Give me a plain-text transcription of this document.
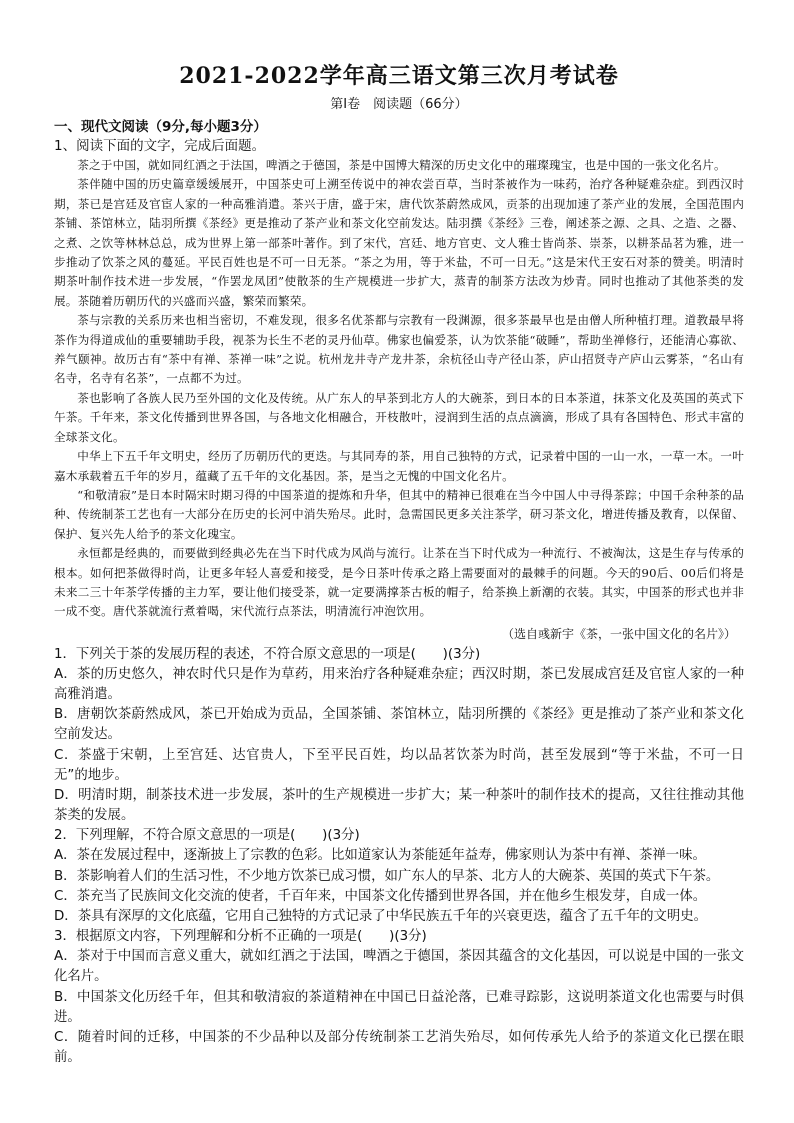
2021-2022学年高三语文第三次月考试卷
第Ⅰ卷　阅读题（66分）
一、现代文阅读（9分,每小题3分）
1、阅读下面的文字，完成后面题。

茶之于中国，就如同红酒之于法国，啤酒之于德国，茶是中国博大精深的历史文化中的璀璨瑰宝，也是中国的一张文化名片。

茶伴随中国的历史篇章缓缓展开，中国茶史可上溯至传说中的神农尝百草，当时茶被作为一味药，治疗各种疑难杂症。到西汉时期，茶已是宫廷及官宦人家的一种高雅消遣。茶兴于唐，盛于宋，唐代饮茶蔚然成风，贡茶的出现加速了茶产业的发展，全国范围内茶铺、茶馆林立，陆羽所撰《茶经》更是推动了茶产业和茶文化空前发达。陆羽撰《茶经》三卷，阐述茶之源、之具、之造、之器、之煮、之饮等林林总总，成为世界上第一部茶叶著作。到了宋代，宫廷、地方官吏、文人雅士皆尚茶、崇茶，以耕茶品茗为雅，进一步推动了饮茶之风的蔓延。平民百姓也是不可一日无茶。“茶之为用，等于米盐，不可一日无。”这是宋代王安石对茶的赞美。明清时期茶叶制作技术进一步发展，“作罢龙凤团”使散茶的生产规模进一步扩大，蒸青的制茶方法改为炒青。同时也推动了其他茶类的发展。茶随着历朝历代的兴盛而兴盛，繁荣而繁荣。

茶与宗教的关系历来也相当密切，不难发现，很多名优茶都与宗教有一段渊源，很多茶最早也是由僧人所种植打理。道教最早将茶作为得道成仙的重要辅助手段，视茶为长生不老的灵丹仙草。佛家也偏爱茶，认为饮茶能“破睡”，帮助坐禅修行，还能清心寡欲、养气颐神。故历古有“茶中有禅、茶禅一味”之说。杭州龙井寺产龙井茶，余杭径山寺产径山茶，庐山招贤寺产庐山云雾茶，“名山有名寺，名寺有名茶”，一点都不为过。

茶也影响了各族人民乃至外国的文化及传统。从广东人的早茶到北方人的大碗茶，到日本的日本茶道，抹茶文化及英国的英式下午茶。千年来，茶文化传播到世界各国，与各地文化相融合，开枝散叶，浸润到生活的点点滴滴，形成了具有各国特色、形式丰富的全球茶文化。

中华上下五千年文明史，经历了历朝历代的更迭。与其同寿的茶，用自己独特的方式，记录着中国的一山一水，一草一木。一叶嘉木承载着五千年的岁月，蕴藏了五千年的文化基因。茶，是当之无愧的中国文化名片。

“和敬清寂”是日本时隔宋时期习得的中国茶道的提炼和升华，但其中的精神已很难在当今中国人中寻得茶踪；中国千余种茶的品种、传统制茶工艺也有一大部分在历史的长河中消失殆尽。此时，急需国民更多关注茶学，研习茶文化，增进传播及教育，以保留、保护、复兴先人给予的茶文化瑰宝。

永恒都是经典的，而要做到经典必先在当下时代成为风尚与流行。让茶在当下时代成为一种流行、不被淘汰，这是生存与传承的根本。如何把茶做得时尚，让更多年轻人喜爱和接受，是今日茶叶传承之路上需要面对的最棘手的问题。今天的90后、00后们将是未来二三十年茶学传播的主力军，要让他们接受茶，就一定要满撑茶古板的帽子，给茶换上新潮的衣装。其实，中国茶的形式也并非一成不变。唐代茶就流行煮着喝，宋代流行点茶法，明清流行冲泡饮用。

（选自彧新宇《茶，一张中国文化的名片》）

1．下列关于茶的发展历程的表述，不符合原文意思的一项是(　　)(3分)

A．茶的历史悠久，神农时代只是作为草药，用来治疗各种疑难杂症；西汉时期，茶已发展成宫廷及官宦人家的一种高雅消遣。

B．唐朝饮茶蔚然成风，茶已开始成为贡品，全国茶铺、茶馆林立，陆羽所撰的《茶经》更是推动了茶产业和茶文化空前发达。

C．茶盛于宋朝，上至宫廷、达官贵人，下至平民百姓，均以品茗饮茶为时尚，甚至发展到“等于米盐，不可一日无”的地步。

D．明清时期，制茶技术进一步发展，茶叶的生产规模进一步扩大；某一种茶叶的制作技术的提高，又往往推动其他茶类的发展。

2．下列理解，不符合原文意思的一项是(　　)(3分)

A．茶在发展过程中，逐渐披上了宗教的色彩。比如道家认为茶能延年益寿，佛家则认为茶中有禅、茶禅一味。

B．茶影响着人们的生活习性，不少地方饮茶已成习惯，如广东人的早茶、北方人的大碗茶、英国的英式下午茶。

C．茶充当了民族间文化交流的使者，千百年来，中国茶文化传播到世界各国，并在他乡生根发芽，自成一体。

D．茶具有深厚的文化底蕴，它用自己独特的方式记录了中华民族五千年的兴衰更迭，蕴含了五千年的文明史。

3．根据原文内容，下列理解和分析不正确的一项是(　　)(3分)

A．茶对于中国而言意义重大，就如红酒之于法国，啤酒之于德国，茶因其蕴含的文化基因，可以说是中国的一张文化名片。

B．中国茶文化历经千年，但其和敬清寂的茶道精神在中国已日益沦落，已难寻踪影，这说明茶道文化也需要与时俱进。

C．随着时间的迁移，中国茶的不少品种以及部分传统制茶工艺消失殆尽，如何传承先人给予的茶道文化已摆在眼前。
